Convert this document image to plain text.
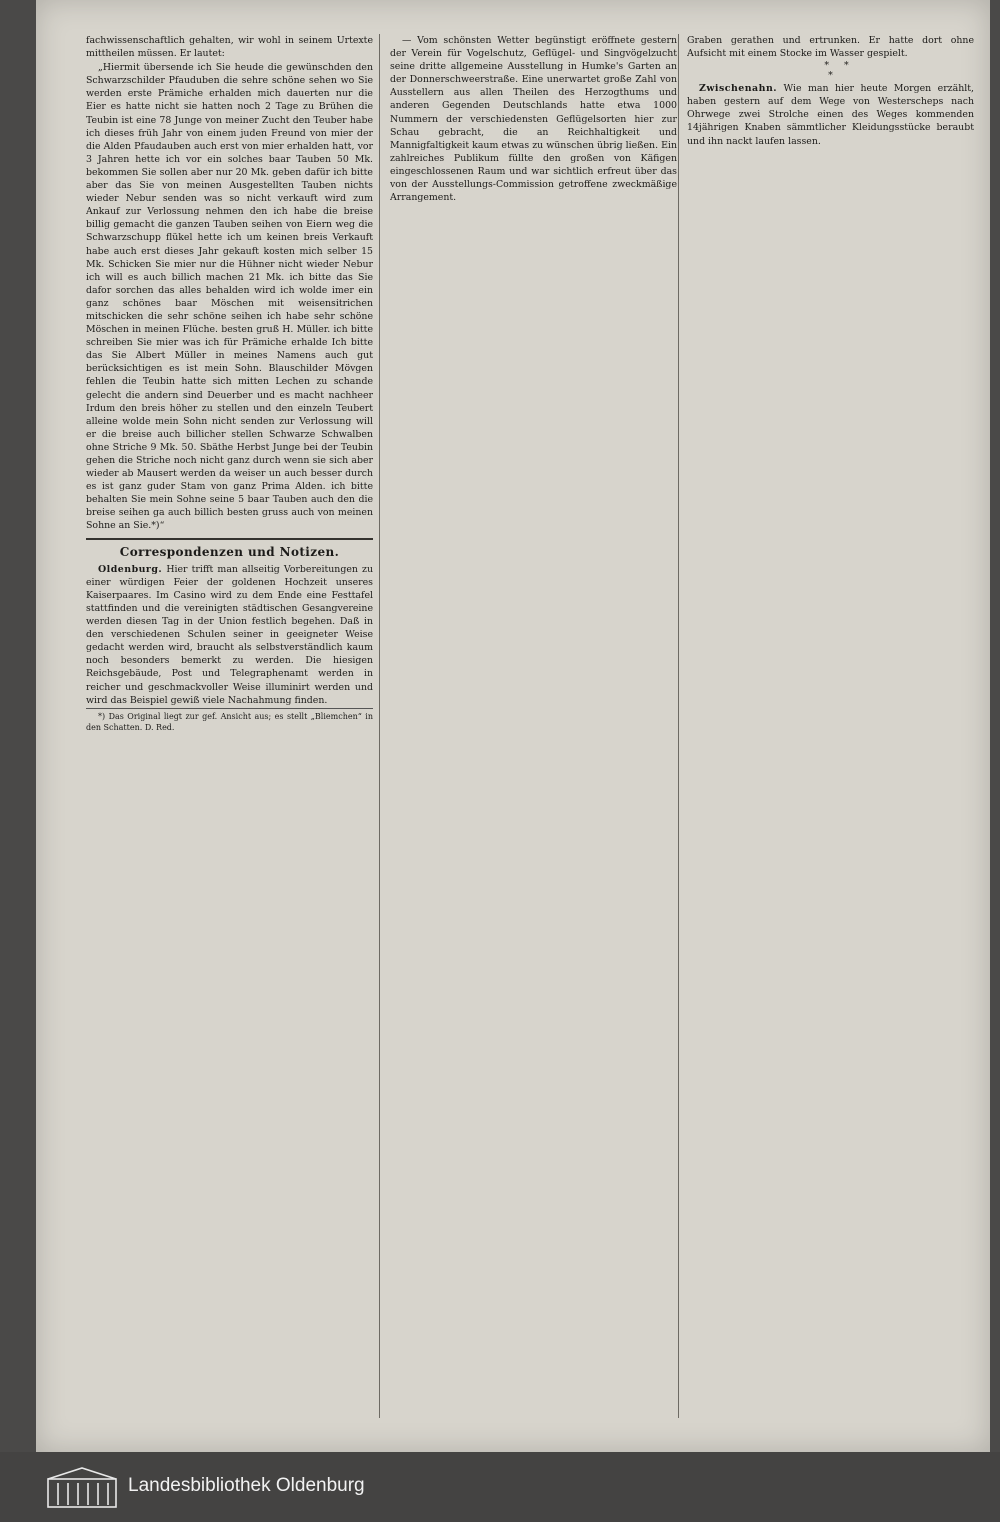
fachwissenschaftlich gehalten, wir wohl in seinem Urtexte mittheilen müssen. Er lautet:

„Hiermit übersende ich Sie heude die gewünschden den Schwarzschilder Pfauduben die sehre schöne sehen wo Sie werden erste Prämiche erhalden mich dauerten nur die Eier es hatte nicht sie hatten noch 2 Tage zu Brühen die Teubin ist eine 78 Junge von meiner Zucht den Teuber habe ich dieses früh Jahr von einem juden Freund von mier der die Alden Pfaudauben auch erst von mier erhalden hatt, vor 3 Jahren hette ich vor ein solches baar Tauben 50 Mk. bekommen Sie sollen aber nur 20 Mk. geben dafür ich bitte aber das Sie von meinen Ausgestellten Tauben nichts wieder Nebur senden was so nicht verkauft wird zum Ankauf zur Verlossung nehmen den ich habe die breise billig gemacht die ganzen Tauben seihen von Eiern weg die Schwarzschupp flükel hette ich um keinen breis Verkauft habe auch erst dieses Jahr gekauft kosten mich selber 15 Mk. Schicken Sie mier nur die Hühner nicht wieder Nebur ich will es auch billich machen 21 Mk. ich bitte das Sie dafor sorchen das alles behalden wird ich wolde imer ein ganz schönes baar Möschen mit weisensitrichen mitschicken die sehr schöne seihen ich habe sehr schöne Möschen in meinen Flüche. besten gruß H. Müller. ich bitte schreiben Sie mier was ich für Prämiche erhalde Ich bitte das Sie Albert Müller in meines Namens auch gut berücksichtigen es ist mein Sohn. Blauschilder Mövgen fehlen die Teubin hatte sich mitten Lechen zu schande gelecht die andern sind Deuerber und es macht nachheer Irdum den breis höher zu stellen und den einzeln Teubert alleine wolde mein Sohn nicht senden zur Verlossung will er die breise auch billicher stellen Schwarze Schwalben ohne Striche 9 Mk. 50. Sbäthe Herbst Junge bei der Teubin gehen die Striche noch nicht ganz durch wenn sie sich aber wieder ab Mausert werden da weiser un auch besser durch es ist ganz guder Stam von ganz Prima Alden. ich bitte behalten Sie mein Sohne seine 5 baar Tauben auch den die breise seihen ga auch billich besten gruss auch von meinen Sohne an Sie.*)“

Correspondenzen und Notizen.

Oldenburg. Hier trifft man allseitig Vorbereitungen zu einer würdigen Feier der goldenen Hochzeit unseres Kaiserpaares. Im Casino wird zu dem Ende eine Festtafel stattfinden und die vereinigten städtischen Gesangvereine werden diesen Tag in der Union festlich begehen. Daß in den verschiedenen Schulen seiner in geeigneter Weise gedacht werden wird, braucht als selbstverständlich kaum noch besonders bemerkt zu werden. Die hiesigen Reichsgebäude, Post und Telegraphenamt werden in reicher und geschmackvoller Weise illuminirt werden und wird das Beispiel gewiß viele Nachahmung finden.

*) Das Original liegt zur gef. Ansicht aus; es stellt „Bliemchen“ in den Schatten. D. Red.

— Vom schönsten Wetter begünstigt eröffnete gestern der Verein für Vogelschutz, Geflügel- und Singvögelzucht seine dritte allgemeine Ausstellung in Humke's Garten an der Donnerschweerstraße. Eine unerwartet große Zahl von Ausstellern aus allen Theilen des Herzogthums und anderen Gegenden Deutschlands hatte etwa 1000 Nummern der verschiedensten Geflügelsorten hier zur Schau gebracht, die an Reichhaltigkeit und Mannigfaltigkeit kaum etwas zu wünschen übrig ließen. Ein zahlreiches Publikum füllte den großen von Käfigen eingeschlossenen Raum und war sichtlich erfreut über das von der Ausstellungs-Commission getroffene zweckmäßige Arrangement.

Graben gerathen und ertrunken. Er hatte dort ohne Aufsicht mit einem Stocke im Wasser gespielt.

*     *
*

Zwischenahn. Wie man hier heute Morgen erzählt, haben gestern auf dem Wege von Westerscheps nach Ohrwege zwei Strolche einen des Weges kommenden 14jährigen Knaben sämmtlicher Kleidungsstücke beraubt und ihn nackt laufen lassen.

Landesbibliothek Oldenburg
